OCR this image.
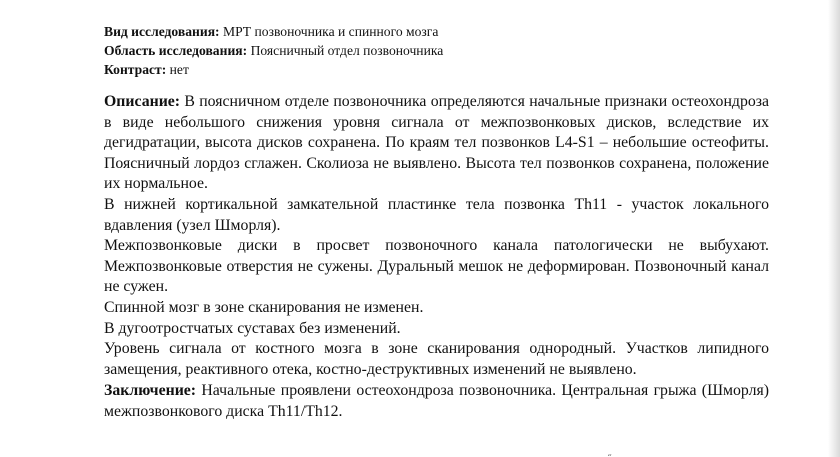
Вид исследования: МРТ позвоночника и спинного мозга
Область исследования: Поясничный отдел позвоночника
Контраст: нет
Описание: В поясничном отделе позвоночника определяются начальные признаки остеохондроза в виде небольшого снижения уровня сигнала от межпозвонковых дисков, вследствие их дегидратации, высота дисков сохранена. По краям тел позвонков L4-S1 – небольшие остеофиты. Поясничный лордоз сглажен. Сколиоза не выявлено. Высота тел позвонков сохранена, положение их нормальное.
В нижней кортикальной замкательной пластинке тела позвонка Th11 - участок локального вдавления (узел Шморля).
Межпозвонковые диски в просвет позвоночного канала патологически не выбухают. Межпозвонковые отверстия не сужены. Дуральный мешок не деформирован. Позвоночный канал не сужен.
Спинной мозг в зоне сканирования не изменен.
В дугоотростчатых суставах без изменений.
Уровень сигнала от костного мозга в зоне сканирования однородный. Участков липидного замещения, реактивного отека, костно-деструктивных изменений не выявлено.
Заключение: Начальные проявлени остеохондроза позвоночника. Центральная грыжа (Шморля) межпозвонкового диска Th11/Th12.
˶
